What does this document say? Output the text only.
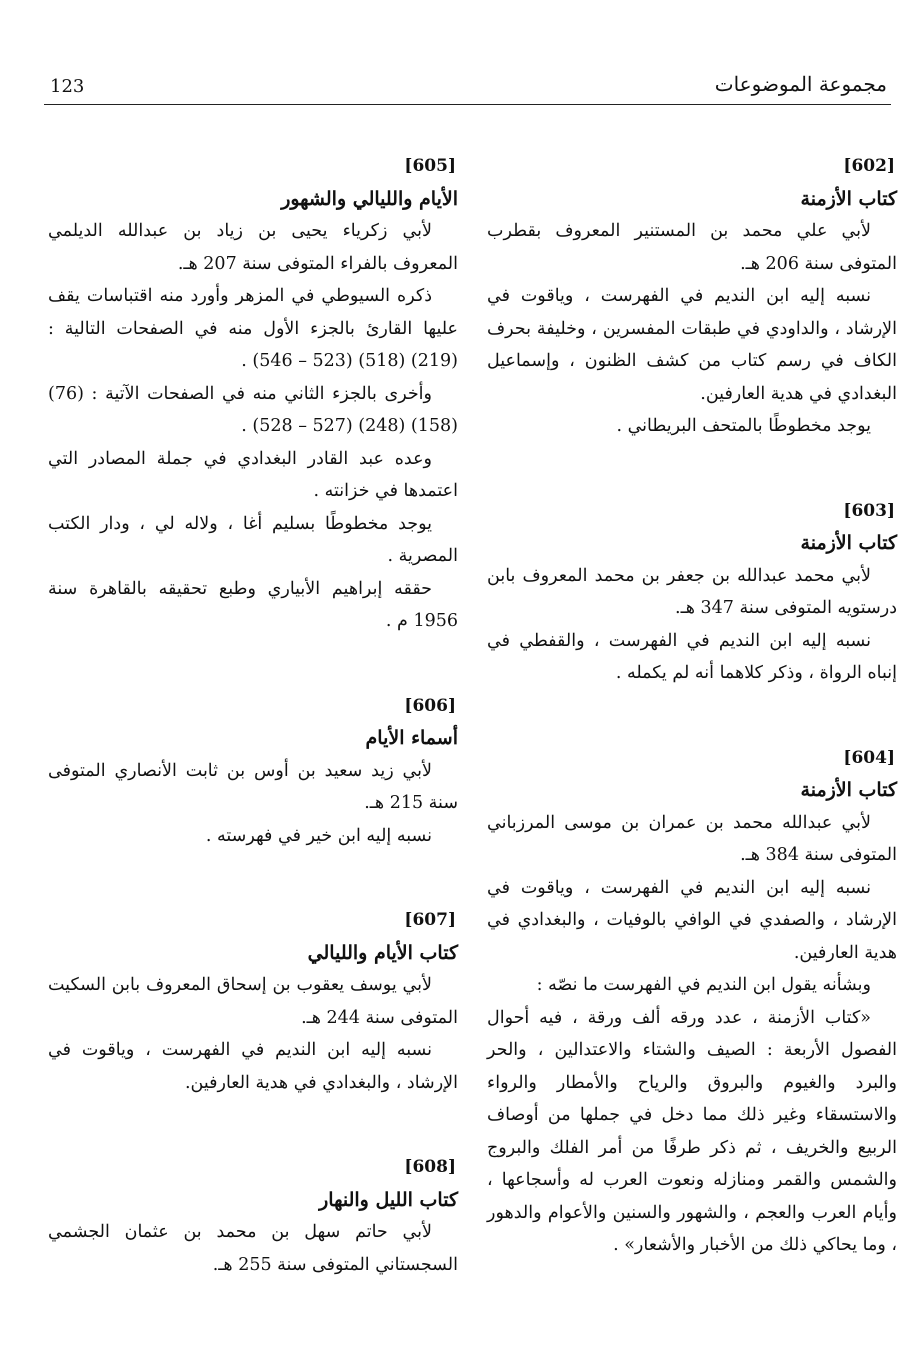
123	مجموعة الموضوعات
[602]
كتاب الأزمنة

لأبي علي محمد بن المستنير المعروف بقطرب المتوفى سنة 206 هـ.

نسبه إليه ابن النديم في الفهرست ، وياقوت في الإرشاد ، والداودي في طبقات المفسرين ، وخليفة بحرف الكاف في رسم كتاب من كشف الظنون ، وإسماعيل البغدادي في هدية العارفين.

يوجد مخطوطًا بالمتحف البريطاني .

[603]
كتاب الأزمنة

لأبي محمد عبدالله بن جعفر بن محمد المعروف بابن درستويه المتوفى سنة 347 هـ.

نسبه إليه ابن النديم في الفهرست ، والقفطي في إنباه الرواة ، وذكر كلاهما أنه لم يكمله .

[604]
كتاب الأزمنة

لأبي عبدالله محمد بن عمران بن موسى المرزباني المتوفى سنة 384 هـ.

نسبه إليه ابن النديم في الفهرست ، وياقوت في الإرشاد ، والصفدي في الوافي بالوفيات ، والبغدادي في هدية العارفين.

وبشأنه يقول ابن النديم في الفهرست ما نصّه :

«كتاب الأزمنة ، عدد ورقه ألف ورقة ، فيه أحوال الفصول الأربعة : الصيف والشتاء والاعتدالين ، والحر والبرد والغيوم والبروق والرياح والأمطار والرواء والاستسقاء وغير ذلك مما دخل في جملها من أوصاف الربيع والخريف ، ثم ذكر طرفًا من أمر الفلك والبروج والشمس والقمر ومنازله ونعوت العرب له وأسجاعها ، وأيام العرب والعجم ، والشهور والسنين والأعوام والدهور ، وما يحاكي ذلك من الأخبار والأشعار» .

[605]
الأيام والليالي والشهور

لأبي زكرياء يحيى بن زياد بن عبدالله الديلمي المعروف بالفراء المتوفى سنة 207 هـ.

ذكره السيوطي في المزهر وأورد منه اقتباسات يقف عليها القارئ بالجزء الأول منه في الصفحات التالية : (219) (518) (523 – 546) .

وأخرى بالجزء الثاني منه في الصفحات الآتية : (76) (158) (248) (527 – 528) .

وعده عبد القادر البغدادي في جملة المصادر التي اعتمدها في خزانته .

يوجد مخطوطًا بسليم أغا ، ولاله لي ، ودار الكتب المصرية .

حققه إبراهيم الأبياري وطبع تحقيقه بالقاهرة سنة 1956 م .

[606]
أسماء الأيام

لأبي زيد سعيد بن أوس بن ثابت الأنصاري المتوفى سنة 215 هـ.

نسبه إليه ابن خير في فهرسته .

[607]
كتاب الأيام والليالي

لأبي يوسف يعقوب بن إسحاق المعروف بابن السكيت المتوفى سنة 244 هـ.

نسبه إليه ابن النديم في الفهرست ، وياقوت في الإرشاد ، والبغدادي في هدية العارفين.

[608]
كتاب الليل والنهار

لأبي حاتم سهل بن محمد بن عثمان الجشمي السجستاني المتوفى سنة 255 هـ.
